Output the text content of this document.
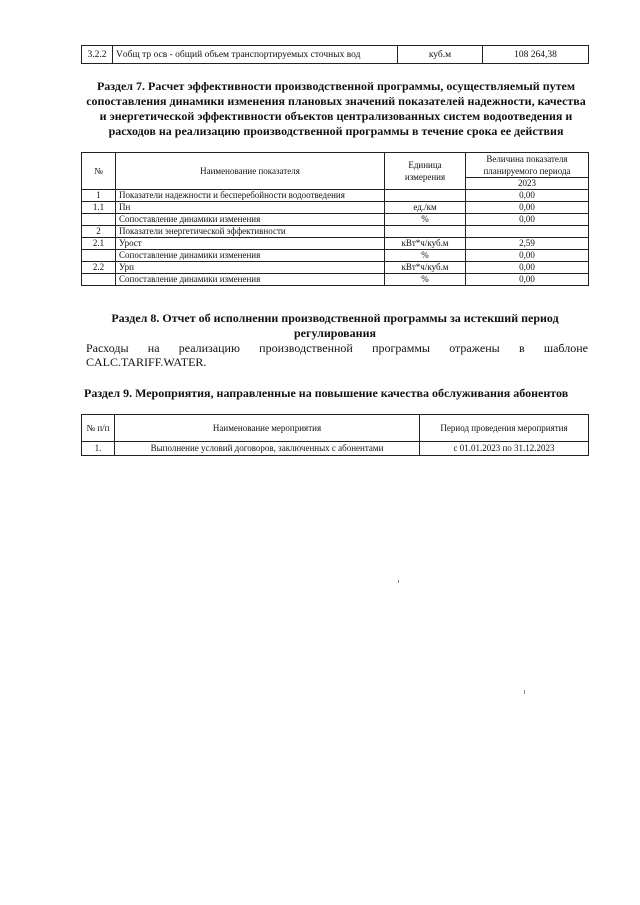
3.2.2	Vобщ тр осв - общий объем транспортируемых сточных вод	куб.м	108 264,38
Раздел 7. Расчет эффективности производственной программы, осуществляемый путем сопоставления динамики изменения плановых значений показателей надежности, качества и энергетической эффективности объектов централизованных систем водоотведения и расходов на реализацию производственной программы в течение срока ее действия
№	Наименование показателя	Единица измерения	Величина показателя планируемого периода
			2023
1	Показатели надежности и бесперебойности водоотведения		0,00
1.1	Пн	ед./км	0,00
	Сопоставление динамики изменения	%	0,00
2	Показатели энергетической эффективности		
2.1	Урост	кВт*ч/куб.м	2,59
	Сопоставление динамики изменения	%	0,00
2.2	Урп	кВт*ч/куб.м	0,00
	Сопоставление динамики изменения	%	0,00
Раздел 8. Отчет об исполнении производственной программы за истекший период регулирования
Расходы на реализацию производственной программы отражены в шаблоне
CALC.TARIFF.WATER.
Раздел 9. Мероприятия, направленные на повышение качества обслуживания абонентов
№ п/п	Наименование мероприятия	Период проведения мероприятия
1.	Выполнение условий договоров, заключенных с абонентами	с 01.01.2023 по 31.12.2023
